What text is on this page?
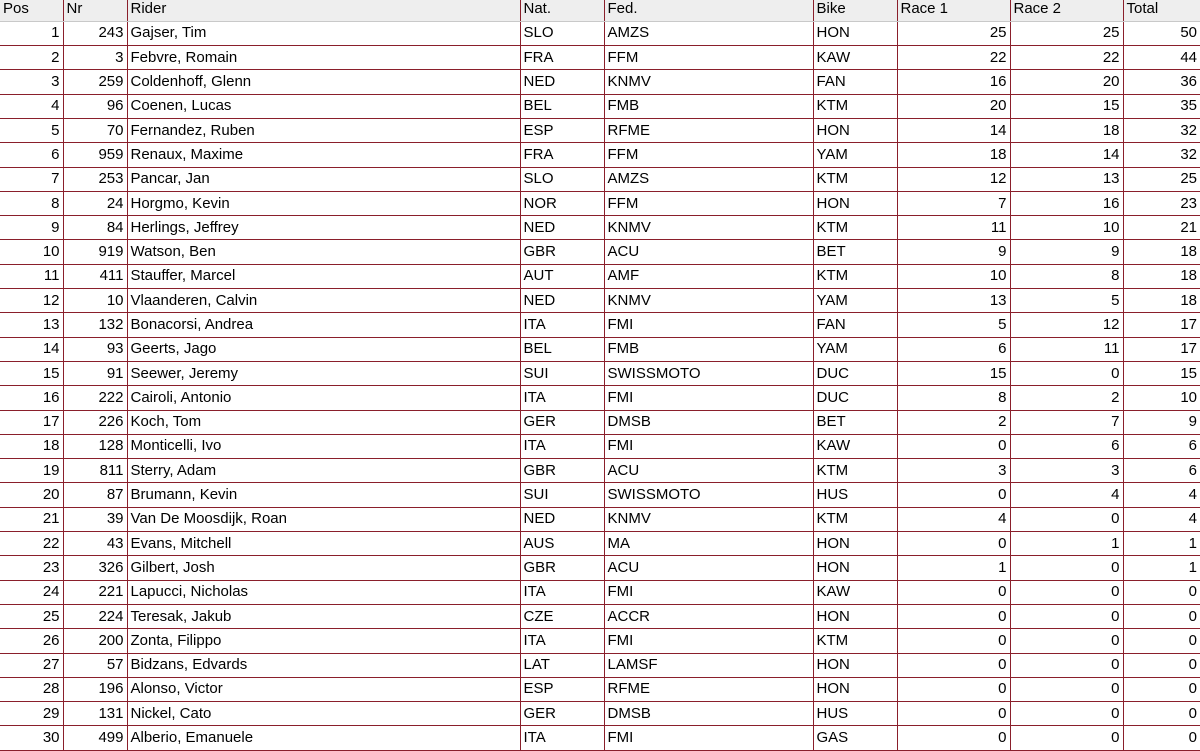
Pos	Nr	Rider	Nat.	Fed.	Bike	Race 1	Race 2	Total
1	243	Gajser, Tim	SLO	AMZS	HON	25	25	50
2	3	Febvre, Romain	FRA	FFM	KAW	22	22	44
3	259	Coldenhoff, Glenn	NED	KNMV	FAN	16	20	36
4	96	Coenen, Lucas	BEL	FMB	KTM	20	15	35
5	70	Fernandez, Ruben	ESP	RFME	HON	14	18	32
6	959	Renaux, Maxime	FRA	FFM	YAM	18	14	32
7	253	Pancar, Jan	SLO	AMZS	KTM	12	13	25
8	24	Horgmo, Kevin	NOR	FFM	HON	7	16	23
9	84	Herlings, Jeffrey	NED	KNMV	KTM	11	10	21
10	919	Watson, Ben	GBR	ACU	BET	9	9	18
11	411	Stauffer, Marcel	AUT	AMF	KTM	10	8	18
12	10	Vlaanderen, Calvin	NED	KNMV	YAM	13	5	18
13	132	Bonacorsi, Andrea	ITA	FMI	FAN	5	12	17
14	93	Geerts, Jago	BEL	FMB	YAM	6	11	17
15	91	Seewer, Jeremy	SUI	SWISSMOTO	DUC	15	0	15
16	222	Cairoli, Antonio	ITA	FMI	DUC	8	2	10
17	226	Koch, Tom	GER	DMSB	BET	2	7	9
18	128	Monticelli, Ivo	ITA	FMI	KAW	0	6	6
19	811	Sterry, Adam	GBR	ACU	KTM	3	3	6
20	87	Brumann, Kevin	SUI	SWISSMOTO	HUS	0	4	4
21	39	Van De Moosdijk, Roan	NED	KNMV	KTM	4	0	4
22	43	Evans, Mitchell	AUS	MA	HON	0	1	1
23	326	Gilbert, Josh	GBR	ACU	HON	1	0	1
24	221	Lapucci, Nicholas	ITA	FMI	KAW	0	0	0
25	224	Teresak, Jakub	CZE	ACCR	HON	0	0	0
26	200	Zonta, Filippo	ITA	FMI	KTM	0	0	0
27	57	Bidzans, Edvards	LAT	LAMSF	HON	0	0	0
28	196	Alonso, Victor	ESP	RFME	HON	0	0	0
29	131	Nickel, Cato	GER	DMSB	HUS	0	0	0
30	499	Alberio, Emanuele	ITA	FMI	GAS	0	0	0
